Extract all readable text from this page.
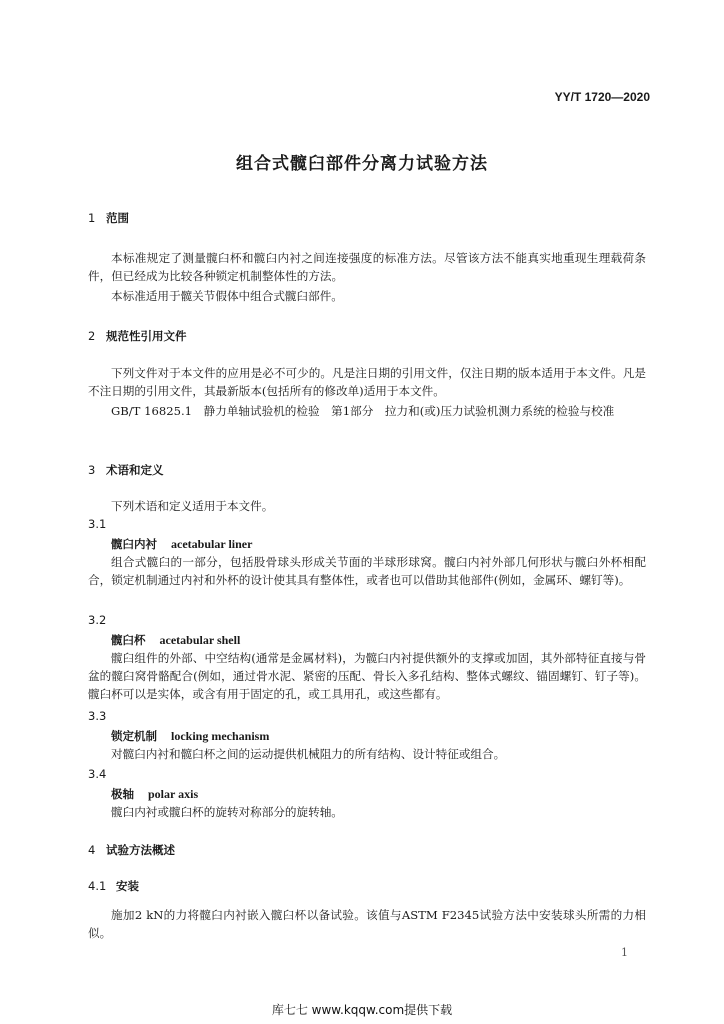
YY/T 1720—2020
组合式髋臼部件分离力试验方法
1 范围
本标准规定了测量髋臼杯和髋臼内衬之间连接强度的标准方法。尽管该方法不能真实地重现生理载荷条件，但已经成为比较各种锁定机制整体性的方法。
本标准适用于髋关节假体中组合式髋臼部件。
2 规范性引用文件
下列文件对于本文件的应用是必不可少的。凡是注日期的引用文件，仅注日期的版本适用于本文件。凡是不注日期的引用文件，其最新版本(包括所有的修改单)适用于本文件。
GB/T 16825.1　静力单轴试验机的检验　第1部分　拉力和(或)压力试验机测力系统的检验与校准
3 术语和定义
下列术语和定义适用于本文件。
3.1
髋臼内衬 acetabular liner
组合式髋臼的一部分，包括股骨球头形成关节面的半球形球窝。髋臼内衬外部几何形状与髋臼外杯相配合，锁定机制通过内衬和外杯的设计使其具有整体性，或者也可以借助其他部件(例如，金属环、螺钉等)。
3.2
髋臼杯 acetabular shell
髋臼组件的外部、中空结构(通常是金属材料)，为髋臼内衬提供额外的支撑或加固，其外部特征直接与骨盆的髋臼窝骨骼配合(例如，通过骨水泥、紧密的压配、骨长入多孔结构、整体式螺纹、锚固螺钉、钉子等)。髋臼杯可以是实体，或含有用于固定的孔，或工具用孔，或这些都有。
3.3
锁定机制 locking mechanism
对髋臼内衬和髋臼杯之间的运动提供机械阻力的所有结构、设计特征或组合。
3.4
极轴 polar axis
髋臼内衬或髋臼杯的旋转对称部分的旋转轴。
4 试验方法概述
4.1 安装
施加2 kN的力将髋臼内衬嵌入髋臼杯以备试验。该值与ASTM F2345试验方法中安装球头所需的力相似。
1
库七七 www.kqqw.com提供下载
